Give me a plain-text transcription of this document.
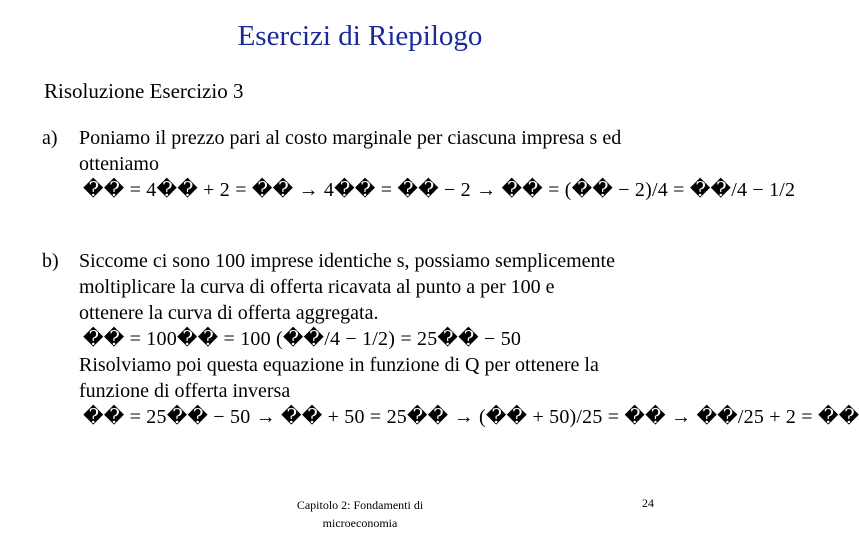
Esercizi di Riepilogo
Risoluzione Esercizio 3
a) Poniamo il prezzo pari al costo marginale per ciascuna impresa s ed
otteniamo
�� = 4�� + 2 = �� → 4�� = �� − 2 → �� = (�� − 2)/4 = ��/4 − 1/2
b) Siccome ci sono 100 imprese identiche s, possiamo semplicemente
moltiplicare la curva di offerta ricavata al punto a per 100 e
ottenere la curva di offerta aggregata.
�� = 100�� = 100 (��/4 − 1/2) = 25�� − 50
Risolviamo poi questa equazione in funzione di Q per ottenere la
funzione di offerta inversa
�� = 25�� − 50 → �� + 50 = 25�� → (�� + 50)/25 = �� → ��/25 + 2 = ��
Capitolo 2: Fondamenti di
microeconomia
24
